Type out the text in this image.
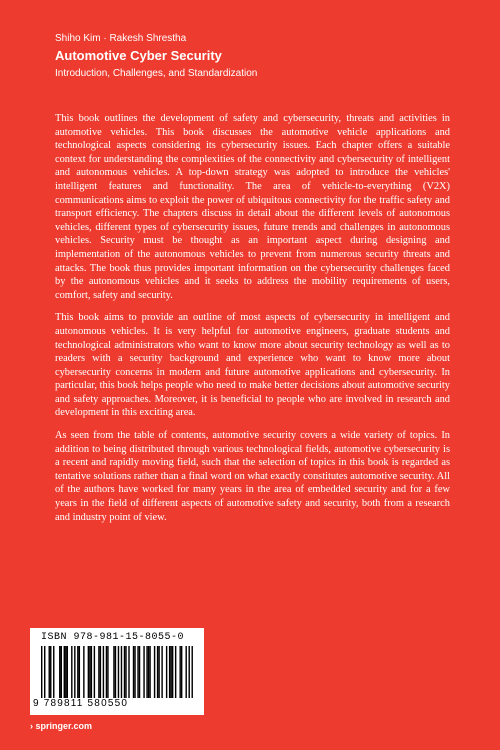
Shiho Kim · Rakesh Shrestha
Automotive Cyber Security
Introduction, Challenges, and Standardization

This book outlines the development of safety and cybersecurity, threats and activities in automotive vehicles. This book discusses the automotive vehicle applications and technological aspects considering its cybersecurity issues. Each chapter offers a suitable context for understanding the complexities of the connectivity and cybersecurity of intelligent and autonomous vehicles. A top-down strategy was adopted to introduce the vehicles' intelligent features and functionality. The area of vehicle-to-everything (V2X) communications aims to exploit the power of ubiquitous connectivity for the traffic safety and transport efficiency. The chapters discuss in detail about the different levels of autonomous vehicles, different types of cybersecurity issues, future trends and challenges in autonomous vehicles. Security must be thought as an important aspect during designing and implementation of the autonomous vehicles to prevent from numerous security threats and attacks. The book thus provides important information on the cybersecurity challenges faced by the autonomous vehicles and it seeks to address the mobility requirements of users, comfort, safety and security.

This book aims to provide an outline of most aspects of cybersecurity in intelligent and autonomous vehicles. It is very helpful for automotive engineers, graduate students and technological administrators who want to know more about security technology as well as to readers with a security background and experience who want to know more about cybersecurity concerns in modern and future automotive applications and cybersecurity. In particular, this book helps people who need to make better decisions about automotive security and safety approaches. Moreover, it is beneficial to people who are involved in research and development in this exciting area.

As seen from the table of contents, automotive security covers a wide variety of topics. In addition to being distributed through various technological fields, automotive cybersecurity is a recent and rapidly moving field, such that the selection of topics in this book is regarded as tentative solutions rather than a final word on what exactly constitutes automotive security. All of the authors have worked for many years in the area of embedded security and for a few years in the field of different aspects of automotive safety and security, both from a research and industry point of view.

ISBN 978-981-15-8055-0
9 789811 580550
› springer.com
